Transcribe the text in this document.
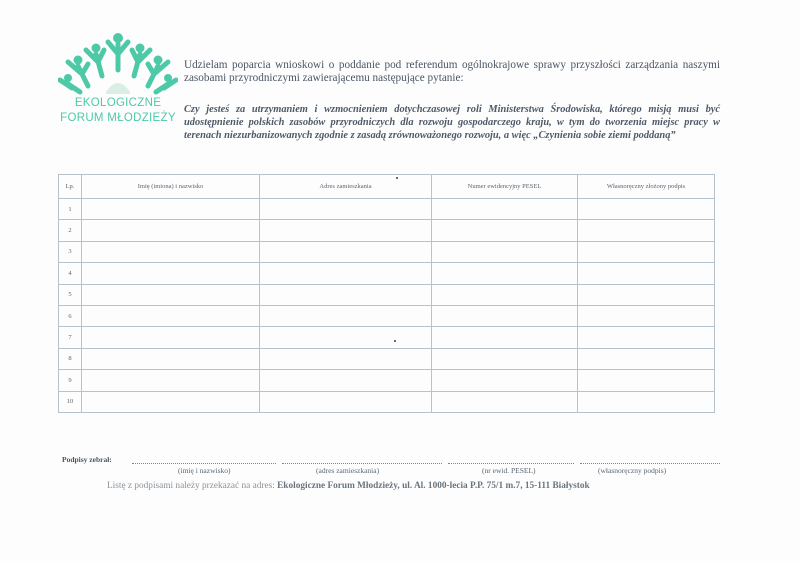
EKOLOGICZNE
FORUM MŁODZIEŻY
Udzielam poparcia wnioskowi o poddanie pod referendum ogólnokrajowe sprawy przyszłości zarządzania naszymi zasobami przyrodniczymi zawierającemu następujące pytanie:
Czy jesteś za utrzymaniem i wzmocnieniem dotychczasowej roli Ministerstwa Środowiska, którego misją musi być udostępnienie polskich zasobów przyrodniczych dla rozwoju gospodarczego kraju, w tym do tworzenia miejsc pracy w terenach niezurbanizowanych zgodnie z zasadą zrównoważonego rozwoju, a więc „Czynienia sobie ziemi poddaną”
Lp.	Imię (imiona) i nazwisko	Adres zamieszkania	Numer ewidencyjny PESEL	Własnoręczny złożony podpis
1				
2				
3				
4				
5				
6				
7				
8				
9				
10				
Podpisy zebrał:
(imię i nazwisko)	(adres zamieszkania)	(nr ewid. PESEL)	(własnoręczny podpis)
Listę z podpisami należy przekazać na adres: Ekologiczne Forum Młodzieży, ul. Al. 1000-lecia P.P. 75/1 m.7, 15-111 Białystok
